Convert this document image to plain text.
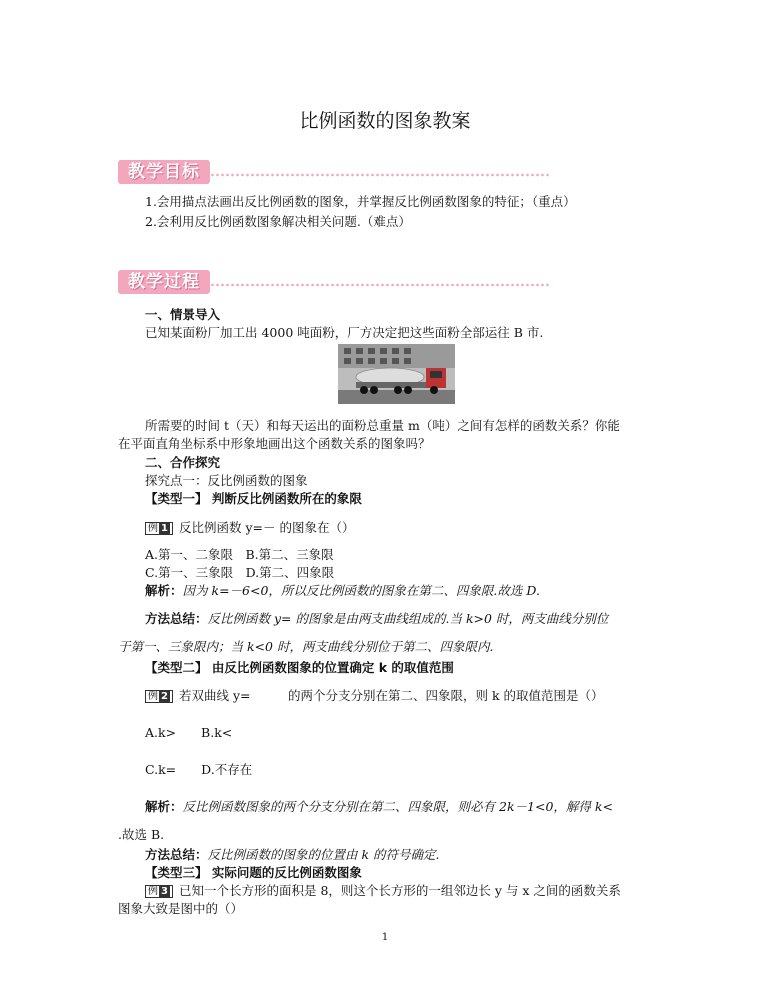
比例函数的图象教案
教学目标
1.会用描点法画出反比例函数的图象，并掌握反比例函数图象的特征；（重点）
2.会利用反比例函数图象解决相关问题.（难点）
教学过程
一、情景导入
已知某面粉厂加工出 4000 吨面粉，厂方决定把这些面粉全部运往 B 市.
所需要的时间 t（天）和每天运出的面粉总重量 m（吨）之间有怎样的函数关系？你能
在平面直角坐标系中形象地画出这个函数关系的图象吗？
二、合作探究
探究点一：反比例函数的图象
【类型一】 判断反比例函数所在的象限
例 1 反比例函数 y=－ 的图象在（）
A.第一、二象限　B.第二、三象限
C.第一、三象限　D.第二、四象限
解析：因为 k=－6<0，所以反比例函数的图象在第二、四象限.故选 D.
方法总结：反比例函数 y= 的图象是由两支曲线组成的.当 k>0 时，两支曲线分别位
于第一、三象限内；当 k<0 时，两支曲线分别位于第二、四象限内.
【类型二】 由反比例函数图象的位置确定 k 的取值范围
例 2 若双曲线 y=　　　的两个分支分别在第二、四象限，则 k 的取值范围是（）
A.k>　　B.k<
C.k=　　D.不存在
解析：反比例函数图象的两个分支分别在第二、四象限，则必有 2k－1<0，解得 k<
.故选 B.
方法总结：反比例函数的图象的位置由 k 的符号确定.
【类型三】 实际问题的反比例函数图象
例 3 已知一个长方形的面积是 8，则这个长方形的一组邻边长 y 与 x 之间的函数关系
图象大致是图中的（）
1
